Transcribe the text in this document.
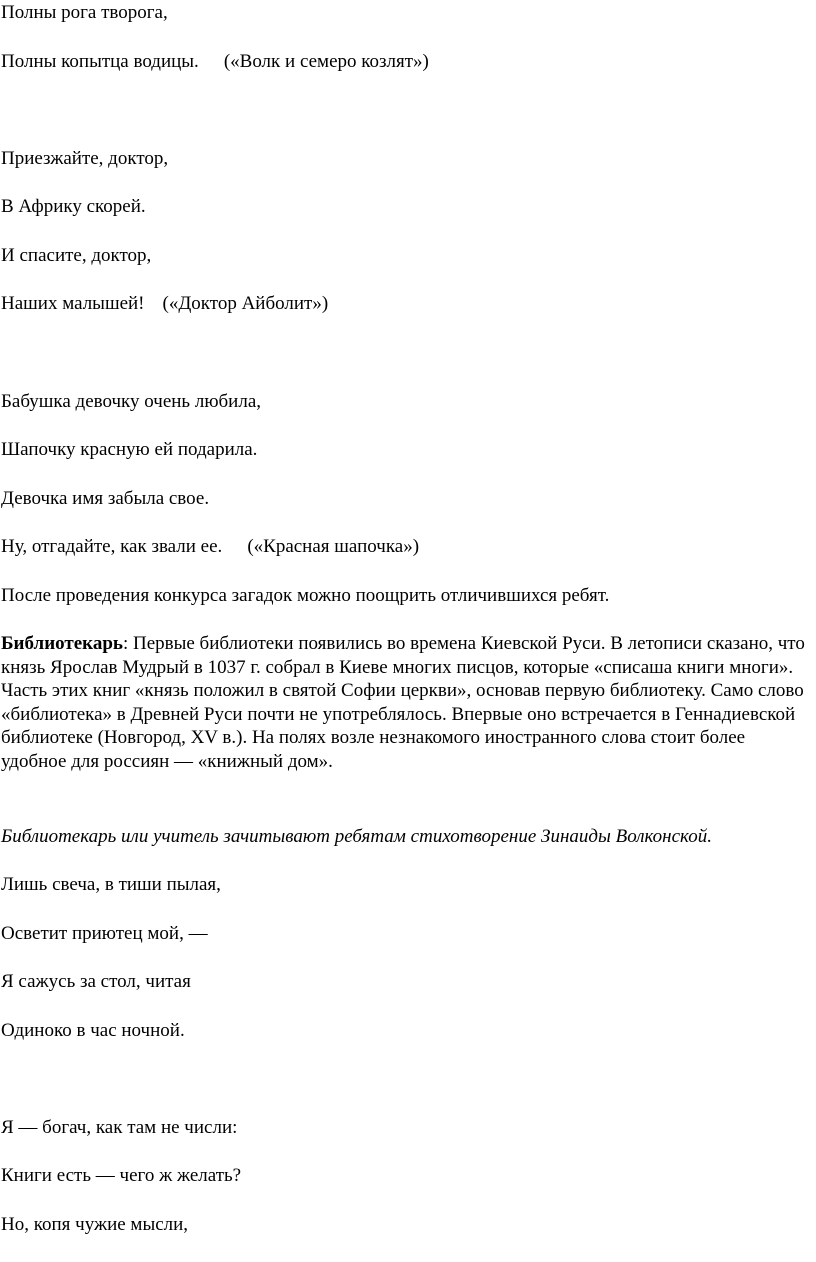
Полны рога творога,
Полны копытца водицы. («Волк и семеро козлят»)
Приезжайте, доктор,
В Африку скорей.
И спасите, доктор,
Наших малышей! («Доктор Айболит»)
Бабушка девочку очень любила,
Шапочку красную ей подарила.
Девочка имя забыла свое.
Ну, отгадайте, как звали ее. («Красная шапочка»)
После проведения конкурса загадок можно поощрить отличившихся ребят.
Библиотекарь: Первые библиотеки появились во времена Киевской Руси. В летописи сказано, что князь Ярослав Мудрый в 1037 г. собрал в Киеве многих писцов, которые «списаша книги многи». Часть этих книг «князь положил в святой Софии церкви», основав первую библиотеку. Само слово «библиотека» в Древней Руси почти не употреблялось. Впервые оно встречается в Геннадиевской библиотеке (Новгород, XV в.). На полях возле незнакомого иностранного слова стоит более удобное для россиян — «книжный дом».
Библиотекарь или учитель зачитывают ребятам стихотворение Зинаиды Волконской.
Лишь свеча, в тиши пылая,
Осветит приютец мой, —
Я сажусь за стол, читая
Одиноко в час ночной.
Я — богач, как там не числи:
Книги есть — чего ж желать?
Но, копя чужие мысли,
